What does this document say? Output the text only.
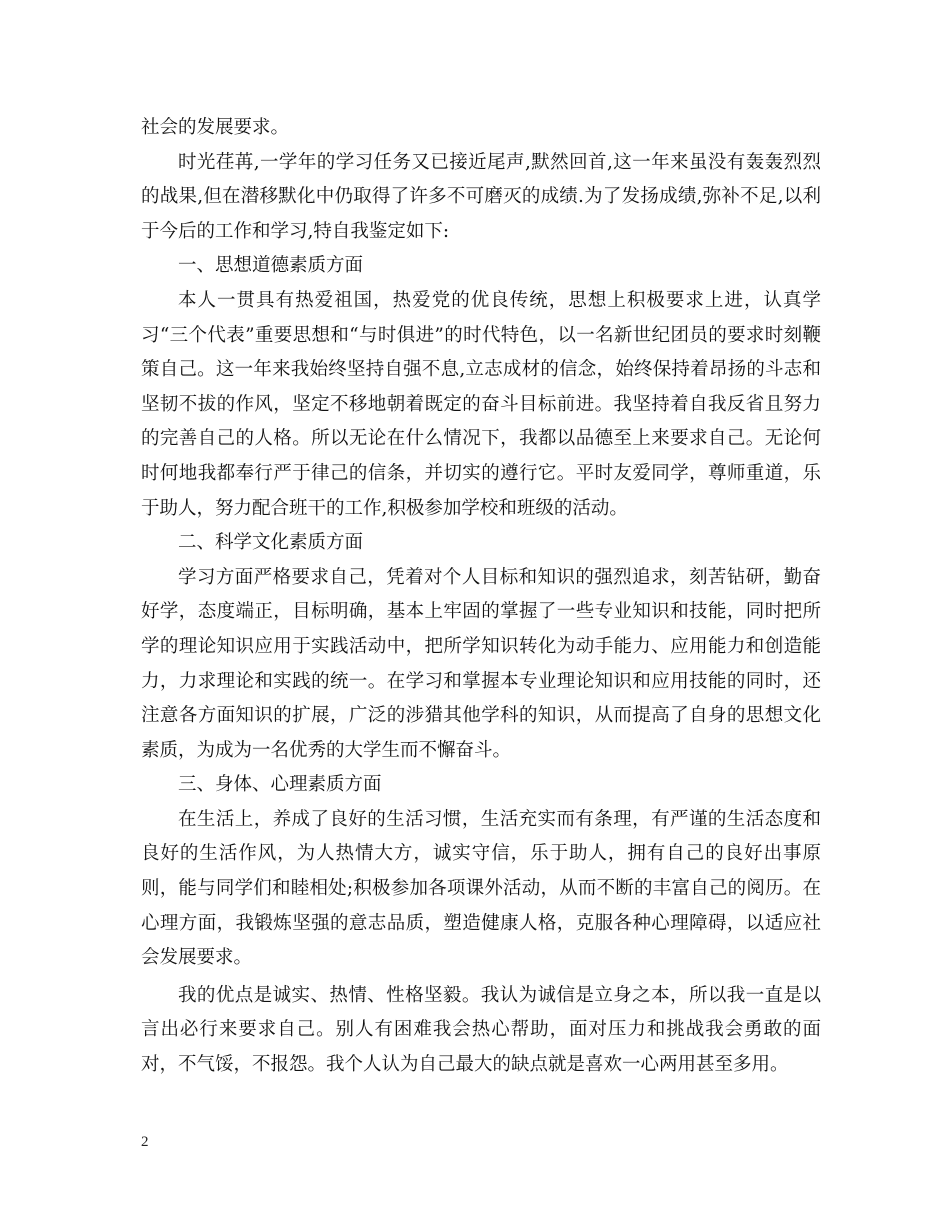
社会的发展要求。

时光荏苒,一学年的学习任务又已接近尾声,默然回首,这一年来虽没有轰轰烈烈的战果,但在潜移默化中仍取得了许多不可磨灭的成绩.为了发扬成绩,弥补不足,以利于今后的工作和学习,特自我鉴定如下:

一、思想道德素质方面

本人一贯具有热爱祖国，热爱党的优良传统，思想上积极要求上进，认真学习“三个代表”重要思想和“与时俱进”的时代特色，以一名新世纪团员的要求时刻鞭策自己。这一年来我始终坚持自强不息,立志成材的信念，始终保持着昂扬的斗志和坚韧不拔的作风，坚定不移地朝着既定的奋斗目标前进。我坚持着自我反省且努力的完善自己的人格。所以无论在什么情况下，我都以品德至上来要求自己。无论何时何地我都奉行严于律己的信条，并切实的遵行它。平时友爱同学，尊师重道，乐于助人，努力配合班干的工作,积极参加学校和班级的活动。

二、科学文化素质方面

学习方面严格要求自己，凭着对个人目标和知识的强烈追求，刻苦钻研，勤奋好学，态度端正，目标明确，基本上牢固的掌握了一些专业知识和技能，同时把所学的理论知识应用于实践活动中，把所学知识转化为动手能力、应用能力和创造能力，力求理论和实践的统一。在学习和掌握本专业理论知识和应用技能的同时，还注意各方面知识的扩展，广泛的涉猎其他学科的知识，从而提高了自身的思想文化素质，为成为一名优秀的大学生而不懈奋斗。

三、身体、心理素质方面

在生活上，养成了良好的生活习惯，生活充实而有条理，有严谨的生活态度和良好的生活作风，为人热情大方，诚实守信，乐于助人，拥有自己的良好出事原则，能与同学们和睦相处;积极参加各项课外活动，从而不断的丰富自己的阅历。在心理方面，我锻炼坚强的意志品质，塑造健康人格，克服各种心理障碍，以适应社会发展要求。

我的优点是诚实、热情、性格坚毅。我认为诚信是立身之本，所以我一直是以言出必行来要求自己。别人有困难我会热心帮助，面对压力和挑战我会勇敢的面对，不气馁，不报怨。我个人认为自己最大的缺点就是喜欢一心两用甚至多用。

2
